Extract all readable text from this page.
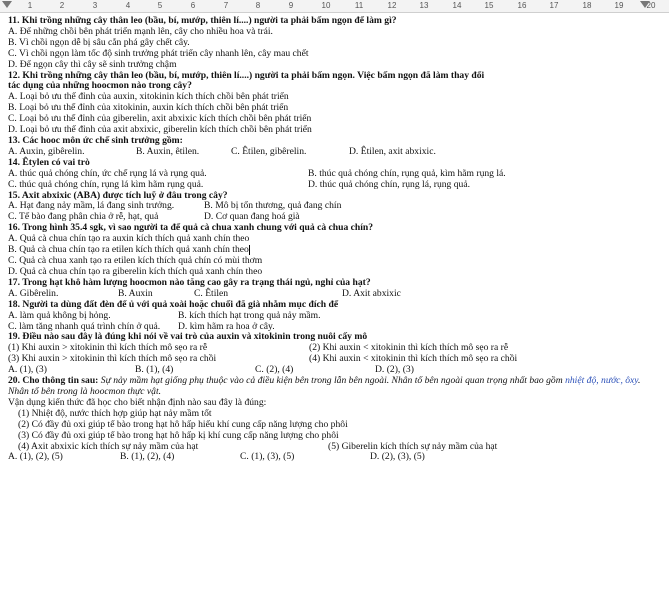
1	2	3	4	5	6	7	8	9	10	11	12	13	14	15	16	17	18	19	20

11. Khi trồng những cây thân leo (bầu, bí, mướp, thiên lí....) người ta phải bấm ngọn để làm gì?

A. Để những chồi bên phát triển mạnh lên, cây cho nhiều hoa và trái.

B. Vì chồi ngọn dễ bị sâu cắn phá gây chết cây.

C. Vì chồi ngọn làm tốc độ sinh trưởng phát triển cây nhanh lên, cây mau chết

D. Để ngọn cây thì cây sẽ sinh trưởng chậm

12. Khi trồng những cây thân leo (bầu, bí, mướp, thiên lí....) người ta phải bấm ngọn. Việc bấm ngọn đã làm thay đổi

tác dụng của những hoocmon nào trong cây?

A. Loại bỏ ưu thế đỉnh của auxin, xitokinin kích thích chồi bên phát triển

B. Loại bỏ ưu thế đỉnh của xitokinin, auxin kích thích chồi bên phát triển

C. Loại bỏ ưu thế đỉnh của giberelin, axit abxixic kích thích chồi bên phát triển

D. Loại bỏ ưu thế đỉnh của axit abxixic, giberelin kích thích chồi bên phát triển

13. Các hooc môn ức chế sinh trưởng gồm:

A. Auxin, gibêrelin.	B. Auxin, êtilen.	C. Êtilen, gibêrelin.	D. Êtilen, axit abxixic.

14. Êtylen có vai trò

A. thúc quả chóng chín, ức chế rụng lá và rụng quả.	B. thúc quả chóng chín, rụng quả, kìm hãm rụng lá.

C. thúc quả chóng chín, rụng lá kìm hãm rụng quả.	D. thúc quả chóng chín, rụng lá, rụng quả.

15. Axit abxixic (ABA) được tích luỹ ở đâu trong cây?

A. Hạt đang nảy mầm, lá đang sinh trưởng.	B. Mô bị tổn thương, quả đang chín

C. Tế bào đang phân chia ở rễ, hạt, quả	D. Cơ quan đang hoá già

16. Trong hình 35.4 sgk, vì sao người ta để quả cà chua xanh chung với quả cà chua chín?

A. Quả cà chua chín tạo ra auxin kích thích quả xanh chín theo

B. Quả cà chua chín tạo ra etilen kích thích quả xanh chín theo

C. Quả cà chua xanh tạo ra etilen kích thích quả chín có mùi thơm

D. Quả cà chua chín tạo ra giberelin kích thích quả xanh chín theo

17. Trong hạt khô hàm lượng hoocmon nào tăng cao gây ra trạng thái ngủ, nghỉ của hạt?

A. Gibêrelin.	B. Auxin	C. Êtilen	D. Axit abxixic

18. Người ta dùng đất đèn để ủ với quả xoài hoặc chuối đã già nhằm mục đích để

A. làm quả không bị hỏng.	B. kích thích hạt trong quả nảy mầm.

C. làm tăng nhanh quá trình chín ở quả.	D. kìm hãm ra hoa ở cây.

19. Điều nào sau đây là đúng khi nói về vai trò của auxin và xitokinin trong nuôi cấy mô

(1) Khi auxin > xitokinin thì kích thích mô sẹo ra rễ	(2) Khi auxin < xitokinin thì kích thích mô sẹo ra rễ

(3) Khi auxin > xitokinin thì kích thích mô sẹo ra chồi	(4) Khi auxin < xitokinin thì kích thích mô sẹo ra chồi

A. (1), (3)	B. (1), (4)	C. (2), (4)	D. (2), (3)

20. Cho thông tin sau: Sự nảy mầm hạt giống phụ thuộc vào cả điều kiện bên trong lẫn bên ngoài. Nhân tố bên ngoài quan trọng nhất bao gồm nhiệt độ, nước, ôxy. Nhân tố bên trong là hoocmon thực vật.

Vận dụng kiến thức đã học cho biết nhận định nào sau đây là đúng:

(1) Nhiệt độ, nước thích hợp giúp hạt nảy mầm tốt

(2) Có đầy đủ oxi giúp tế bào trong hạt hô hấp hiếu khí cung cấp năng lượng cho phôi

(3) Có đầy đủ oxi giúp tế bào trong hạt hô hấp kị khí cung cấp năng lượng cho phôi

(4) Axit abxixic kích thích sự nảy mầm của hạt	(5) Giberelin kích thích sự nảy mầm của hạt

A. (1), (2), (5)	B. (1), (2), (4)	C. (1), (3), (5)	D. (2), (3), (5)
